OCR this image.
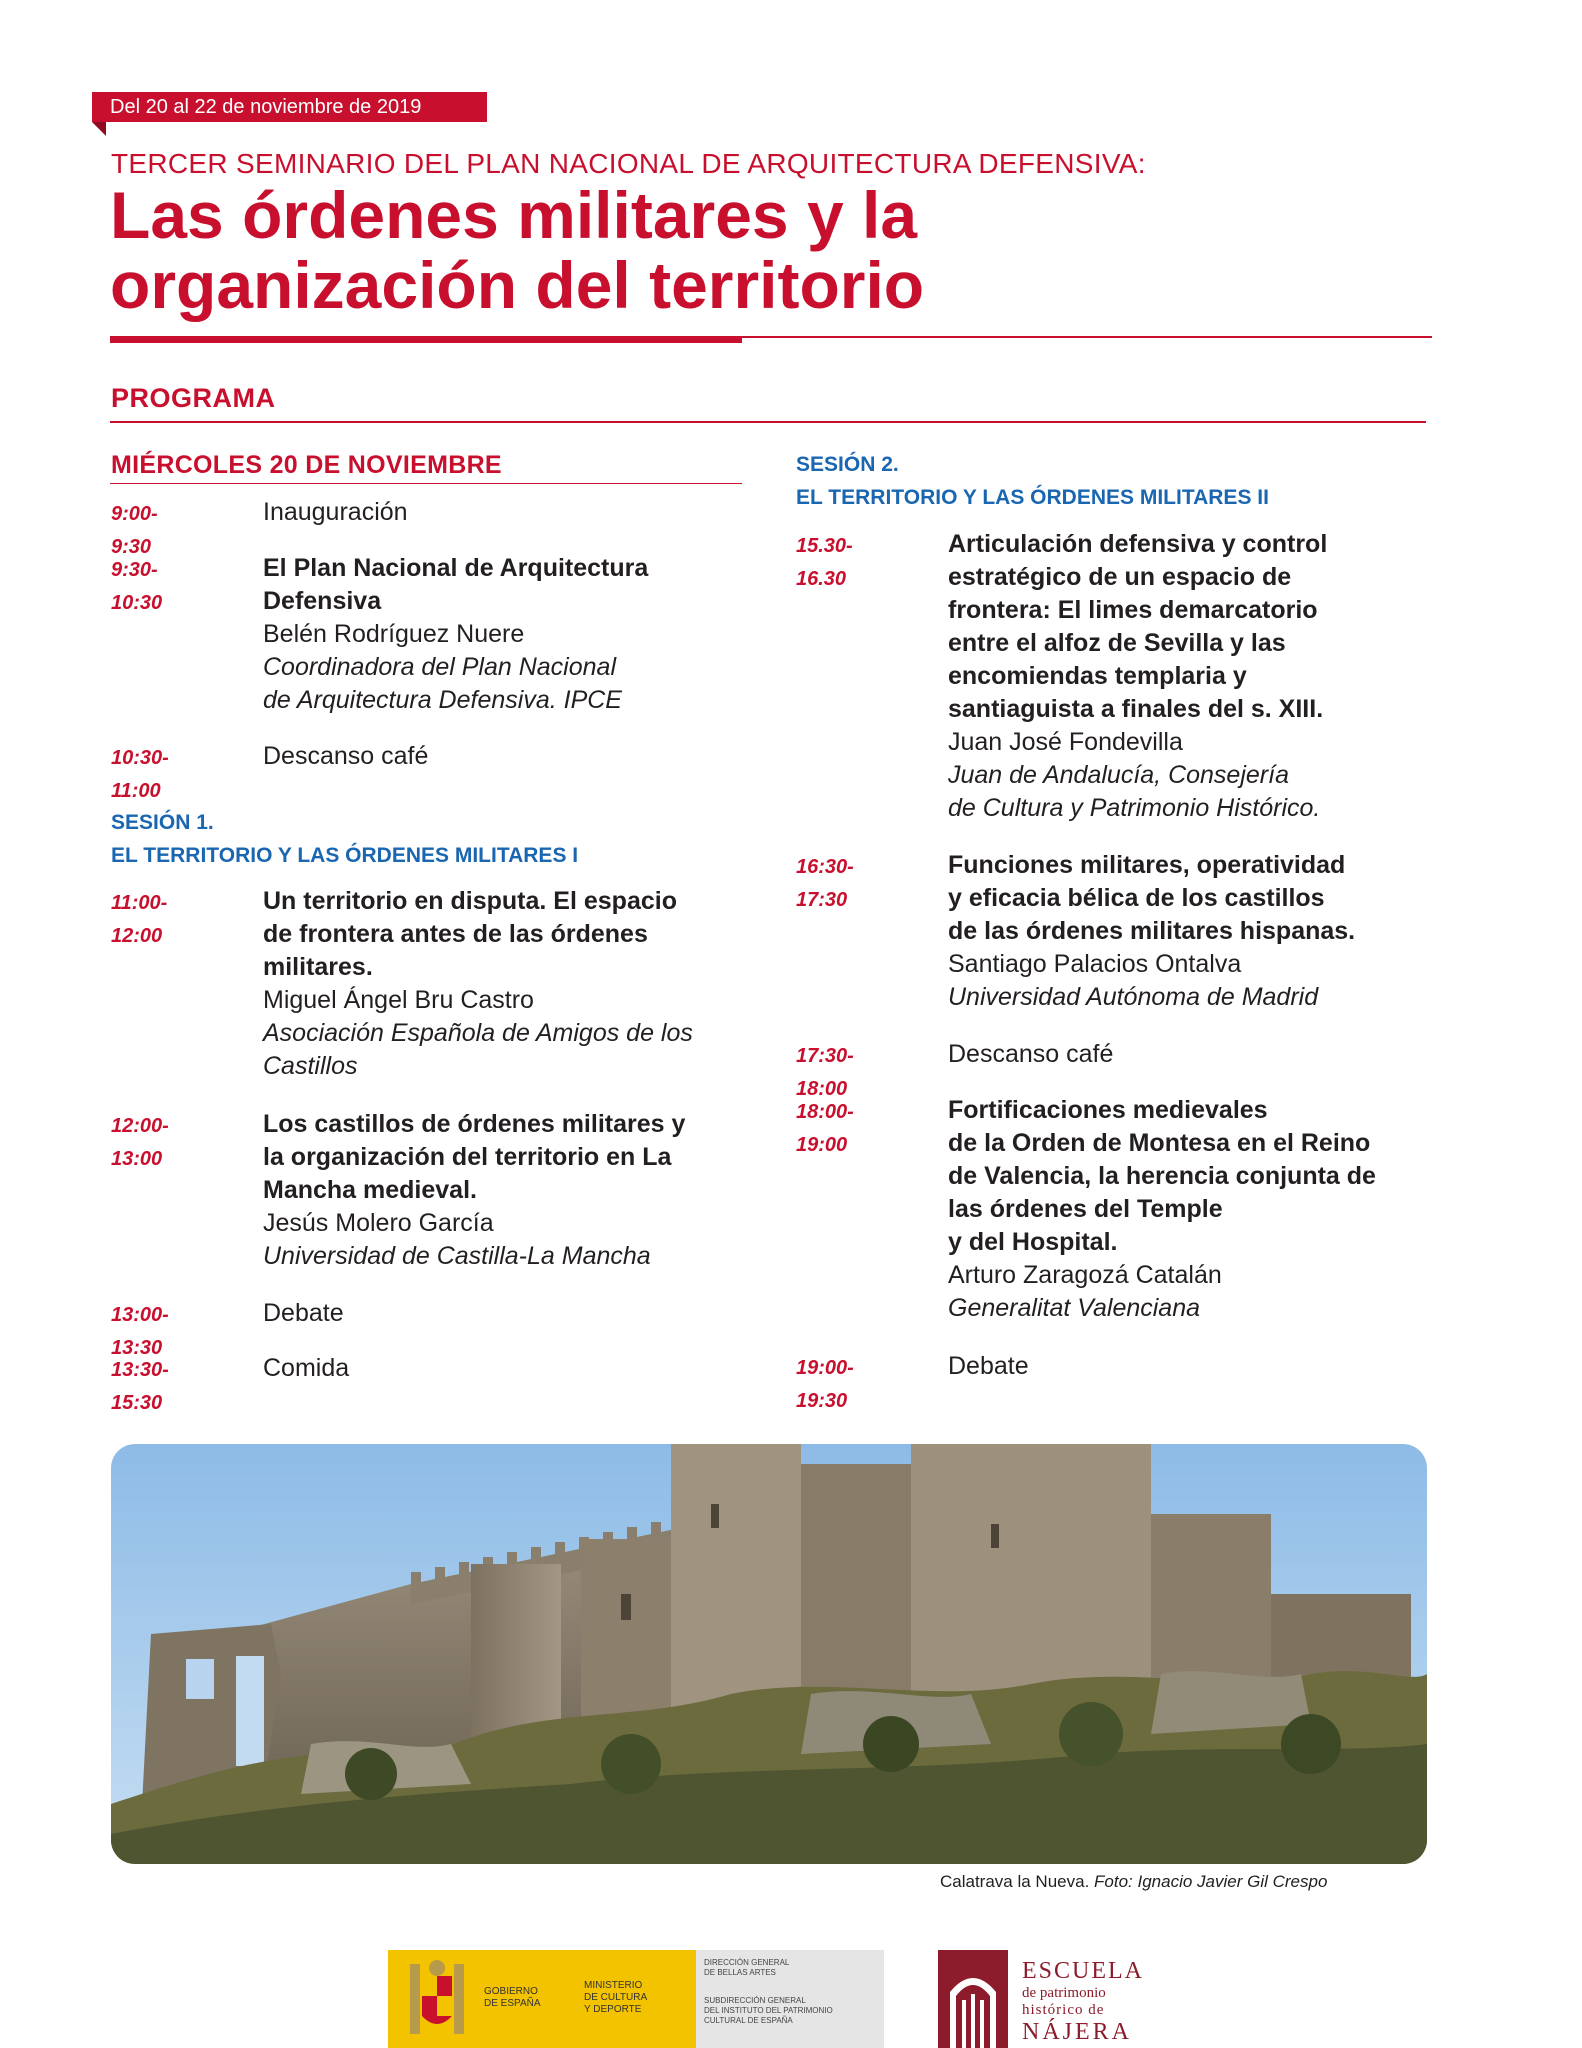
Del 20 al 22 de noviembre de 2019
TERCER SEMINARIO DEL PLAN NACIONAL DE ARQUITECTURA DEFENSIVA:
Las órdenes militares y la
organización del territorio
PROGRAMA
MIÉRCOLES 20 DE NOVIEMBRE
9:00-9:30
Inauguración
9:30-10:30
El Plan Nacional de Arquitectura
Defensiva
Belén Rodríguez Nuere
Coordinadora del Plan Nacional
de Arquitectura Defensiva. IPCE
10:30-11:00
Descanso café
SESIÓN 1.
EL TERRITORIO Y LAS ÓRDENES MILITARES I
11:00-12:00
Un territorio en disputa. El espacio
de frontera antes de las órdenes
militares.
Miguel Ángel Bru Castro
Asociación Española de Amigos de los
Castillos
12:00-13:00
Los castillos de órdenes militares y
la organización del territorio en La
Mancha medieval.
Jesús Molero García
Universidad de Castilla-La Mancha
13:00-13:30
Debate
13:30-15:30
Comida
SESIÓN 2.
EL TERRITORIO Y LAS ÓRDENES MILITARES II
15.30-16.30
Articulación defensiva y control
estratégico de un espacio de
frontera: El limes demarcatorio
entre el alfoz de Sevilla y las
encomiendas templaria y
santiaguista a finales del s. XIII.
Juan José Fondevilla
Juan de Andalucía, Consejería
de Cultura y Patrimonio Histórico.
16:30-17:30
Funciones militares, operatividad
y eficacia bélica de los castillos
de las órdenes militares hispanas.
Santiago Palacios Ontalva
Universidad Autónoma de Madrid
17:30-18:00
Descanso café
18:00-19:00
Fortificaciones medievales
de la Orden de Montesa en el Reino
de Valencia, la herencia conjunta de
las órdenes del Temple
y del Hospital.
Arturo Zaragozá Catalán
Generalitat Valenciana
19:00-19:30
Debate
Calatrava la Nueva. Foto: Ignacio Javier Gil Crespo
GOBIERNO
DE ESPAÑA
MINISTERIO
DE CULTURA
Y DEPORTE
DIRECCIÓN GENERAL
DE BELLAS ARTES
SUBDIRECCIÓN GENERAL
DEL INSTITUTO DEL PATRIMONIO
CULTURAL DE ESPAÑA
ESCUELA
de patrimonio
histórico de
NÁJERA
